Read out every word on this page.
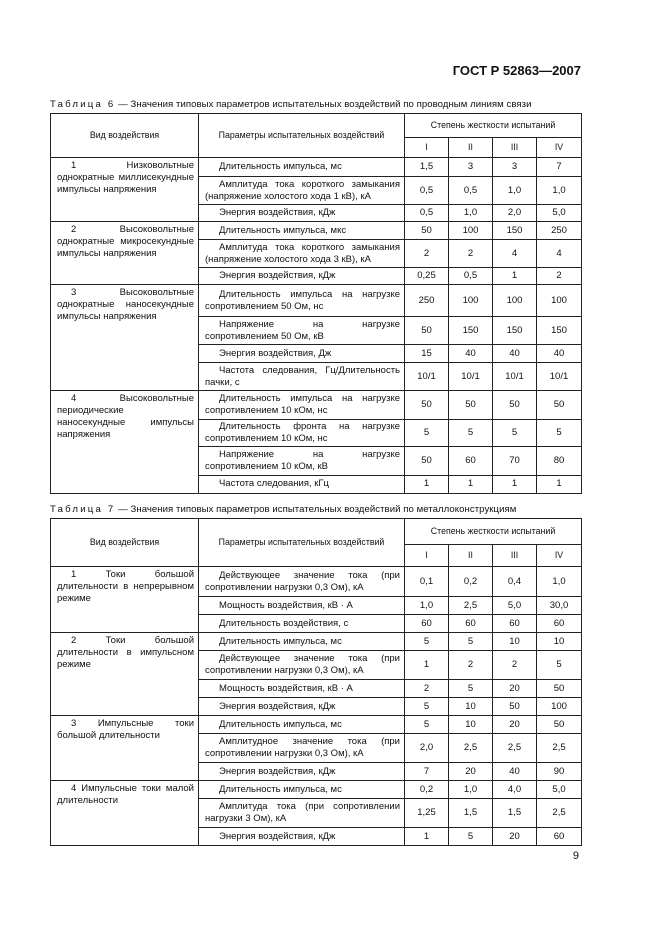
ГОСТ Р 52863—2007
Таблица 6 — Значения типовых параметров испытательных воздействий по проводным линиям связи
Вид воздействия	Параметры испытательных воздействий	Степень жесткости испытаний			
		I	II	III	IV
1 Низковольтные однократные миллисекундные импульсы напряжения	Длительность импульса, мс	1,5	3	3	7
	Амплитуда тока короткого замыкания (напряжение холостого хода 1 кВ), кА	0,5	0,5	1,0	1,0
	Энергия воздействия, кДж	0,5	1,0	2,0	5,0
2 Высоковольтные однократные микросекундные импульсы напряжения	Длительность импульса, мкс	50	100	150	250
	Амплитуда тока короткого замыкания (напряжение холостого хода 3 кВ), кА	2	2	4	4
	Энергия воздействия, кДж	0,25	0,5	1	2
3 Высоковольтные однократные наносекундные импульсы напряжения	Длительность импульса на нагрузке сопротивлением 50 Ом, нс	250	100	100	100
	Напряжение на нагрузке сопротивлением 50 Ом, кВ	50	150	150	150
	Энергия воздействия, Дж	15	40	40	40
	Частота следования, Гц/Длительность пачки, с	10/1	10/1	10/1	10/1
4 Высоковольтные периодические наносекундные импульсы напряжения	Длительность импульса на нагрузке сопротивлением 10 кОм, нс	50	50	50	50
	Длительность фронта на нагрузке сопротивлением 10 кОм, нс	5	5	5	5
	Напряжение на нагрузке сопротивлением 10 кОм, кВ	50	60	70	80
	Частота следования, кГц	1	1	1	1
Таблица 7 — Значения типовых параметров испытательных воздействий по металлоконструкциям
Вид воздействия	Параметры испытательных воздействий	Степень жесткости испытаний			
		I	II	III	IV
1 Токи большой длительности в непрерывном режиме	Действующее значение тока (при сопротивлении нагрузки 0,3 Ом), кА	0,1	0,2	0,4	1,0
	Мощность воздействия, кВ · А	1,0	2,5	5,0	30,0
	Длительность воздействия, с	60	60	60	60
2 Токи большой длительности в импульсном режиме	Длительность импульса, мс	5	5	10	10
	Действующее значение тока (при сопротивлении нагрузки 0,3 Ом), кА	1	2	2	5
	Мощность воздействия, кВ · А	2	5	20	50
	Энергия воздействия, кДж	5	10	50	100
3 Импульсные токи большой длительности	Длительность импульса, мс	5	10	20	50
	Амплитудное значение тока (при сопротивлении нагрузки 0,3 Ом), кА	2,0	2,5	2,5	2,5
	Энергия воздействия, кДж	7	20	40	90
4 Импульсные токи малой длительности	Длительность импульса, мс	0,2	1,0	4,0	5,0
	Амплитуда тока (при сопротивлении нагрузки 3 Ом), кА	1,25	1,5	1,5	2,5
	Энергия воздействия, кДж	1	5	20	60
9
